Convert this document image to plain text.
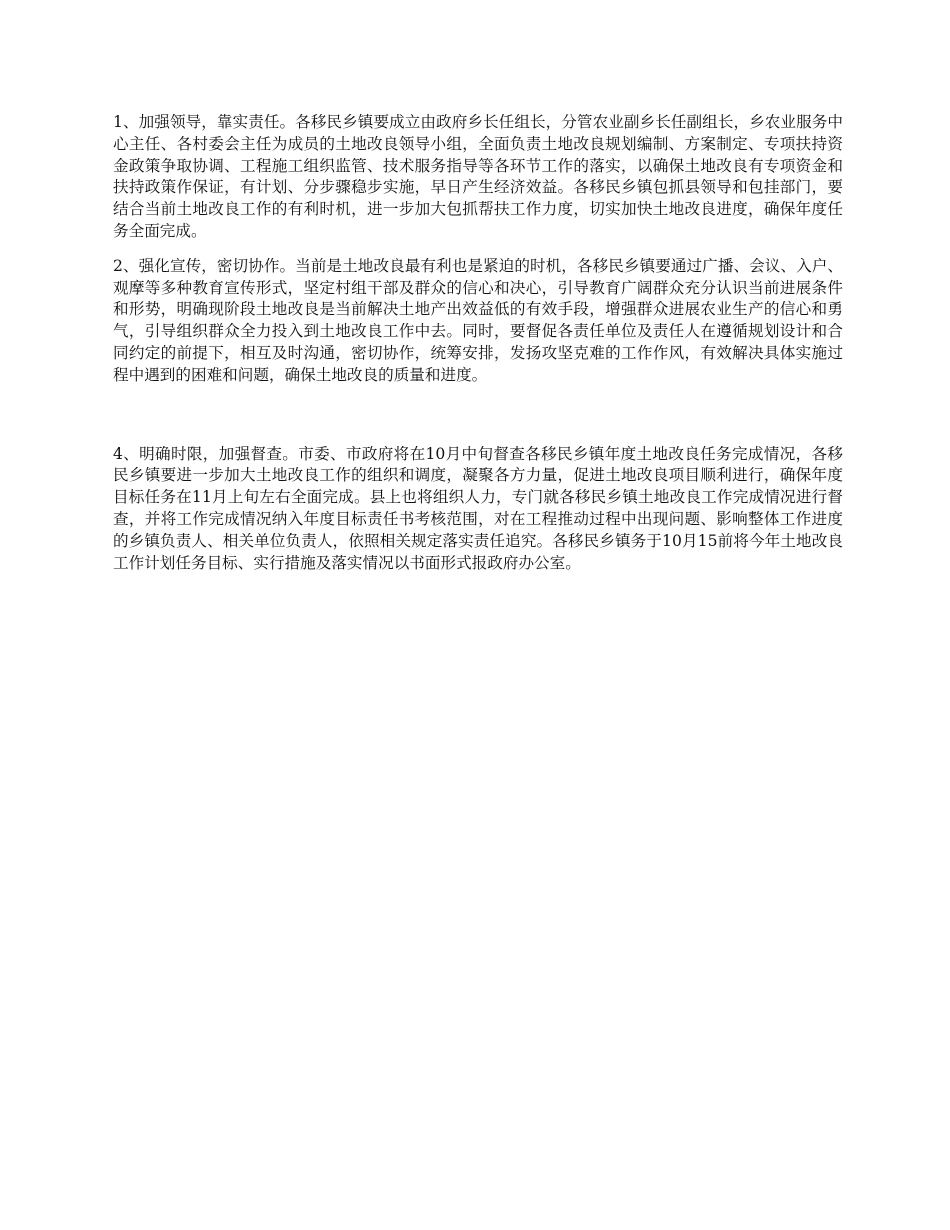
1、加强领导，靠实责任。各移民乡镇要成立由政府乡长任组长，分管农业副乡长任副组长，乡农业服务中心主任、各村委会主任为成员的土地改良领导小组，全面负责土地改良规划编制、方案制定、专项扶持资金政策争取协调、工程施工组织监管、技术服务指导等各环节工作的落实，以确保土地改良有专项资金和扶持政策作保证，有计划、分步骤稳步实施，早日产生经济效益。各移民乡镇包抓县领导和包挂部门，要结合当前土地改良工作的有利时机，进一步加大包抓帮扶工作力度，切实加快土地改良进度，确保年度任务全面完成。

2、强化宣传，密切协作。当前是土地改良最有利也是紧迫的时机，各移民乡镇要通过广播、会议、入户、观摩等多种教育宣传形式，坚定村组干部及群众的信心和决心，引导教育广阔群众充分认识当前进展条件和形势，明确现阶段土地改良是当前解决土地产出效益低的有效手段，增强群众进展农业生产的信心和勇气，引导组织群众全力投入到土地改良工作中去。同时，要督促各责任单位及责任人在遵循规划设计和合同约定的前提下，相互及时沟通，密切协作，统筹安排，发扬攻坚克难的工作作风，有效解决具体实施过程中遇到的困难和问题，确保土地改良的质量和进度。

4、明确时限，加强督查。市委、市政府将在10月中旬督查各移民乡镇年度土地改良任务完成情况，各移民乡镇要进一步加大土地改良工作的组织和调度，凝聚各方力量，促进土地改良项目顺利进行，确保年度目标任务在11月上旬左右全面完成。县上也将组织人力，专门就各移民乡镇土地改良工作完成情况进行督查，并将工作完成情况纳入年度目标责任书考核范围，对在工程推动过程中出现问题、影响整体工作进度的乡镇负责人、相关单位负责人，依照相关规定落实责任追究。各移民乡镇务于10月15前将今年土地改良工作计划任务目标、实行措施及落实情况以书面形式报政府办公室。
